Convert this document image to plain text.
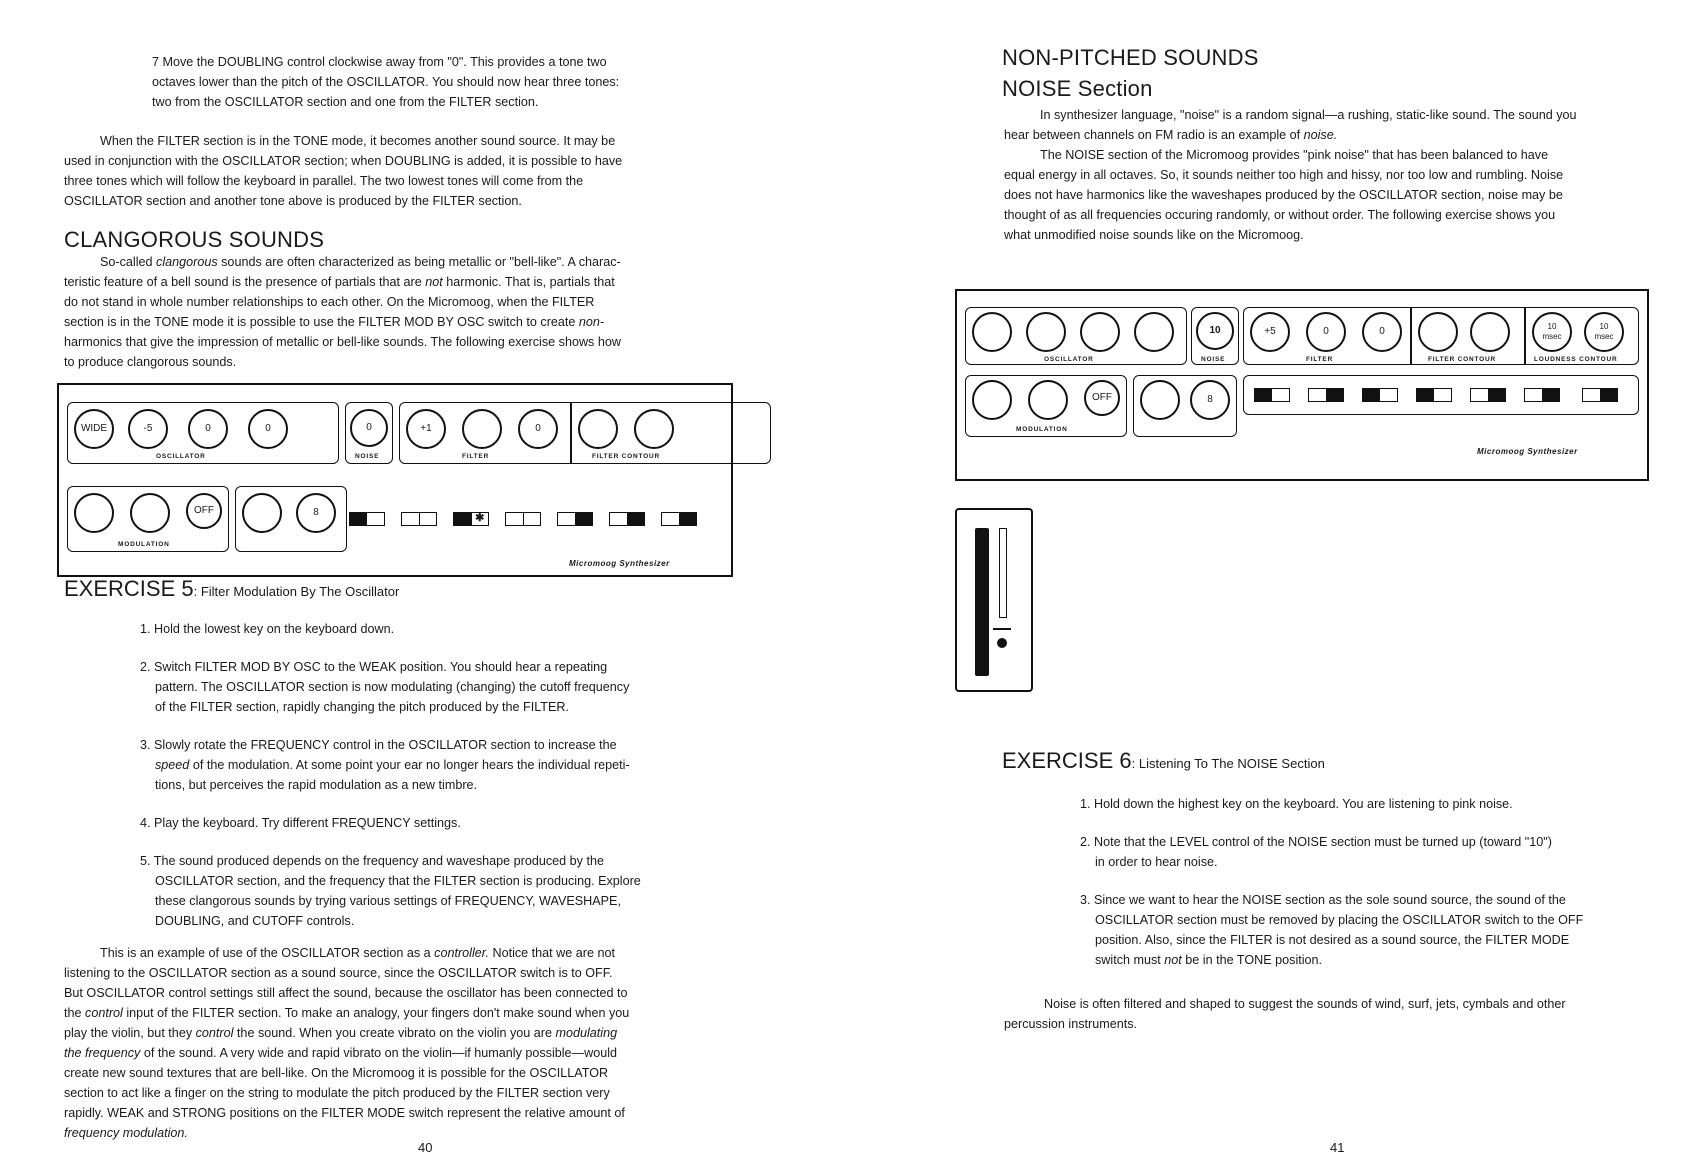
7 Move the DOUBLING control clockwise away from "0". This provides a tone two

octaves lower than the pitch of the OSCILLATOR. You should now hear three tones:

two from the OSCILLATOR section and one from the FILTER section.

When the FILTER section is in the TONE mode, it becomes another sound source. It may be

used in conjunction with the OSCILLATOR section; when DOUBLING is added, it is possible to have

three tones which will follow the keyboard in parallel. The two lowest tones will come from the

OSCILLATOR section and another tone above is produced by the FILTER section.

CLANGOROUS SOUNDS

So-called clangorous sounds are often characterized as being metallic or "bell-like". A charac-

teristic feature of a bell sound is the presence of partials that are not harmonic. That is, partials that

do not stand in whole number relationships to each other. On the Micromoog, when the FILTER

section is in the TONE mode it is possible to use the FILTER MOD BY OSC switch to create non-

harmonics that give the impression of metallic or bell-like sounds. The following exercise shows how

to produce clangorous sounds.

WIDE	-5	0	0
OSCILLATOR
0
NOISE
+1	0
FILTER	FILTER CONTOUR
OFF
MODULATION
8	✱
Micromoog Synthesizer
EXERCISE 5: Filter Modulation By The Oscillator

1. Hold the lowest key on the keyboard down.

2. Switch FILTER MOD BY OSC to the WEAK position. You should hear a repeating

pattern. The OSCILLATOR section is now modulating (changing) the cutoff frequency

of the FILTER section, rapidly changing the pitch produced by the FILTER.

3. Slowly rotate the FREQUENCY control in the OSCILLATOR section to increase the

speed of the modulation. At some point your ear no longer hears the individual repeti-

tions, but perceives the rapid modulation as a new timbre.

4. Play the keyboard. Try different FREQUENCY settings.

5. The sound produced depends on the frequency and waveshape produced by the

OSCILLATOR section, and the frequency that the FILTER section is producing. Explore

these clangorous sounds by trying various settings of FREQUENCY, WAVESHAPE,

DOUBLING, and CUTOFF controls.

This is an example of use of the OSCILLATOR section as a controller. Notice that we are not

listening to the OSCILLATOR section as a sound source, since the OSCILLATOR switch is to OFF.

But OSCILLATOR control settings still affect the sound, because the oscillator has been connected to

the control input of the FILTER section. To make an analogy, your fingers don't make sound when you

play the violin, but they control the sound. When you create vibrato on the violin you are modulating

the frequency of the sound. A very wide and rapid vibrato on the violin—if humanly possible—would

create new sound textures that are bell-like. On the Micromoog it is possible for the OSCILLATOR

section to act like a finger on the string to modulate the pitch produced by the FILTER section very

rapidly. WEAK and STRONG positions on the FILTER MODE switch represent the relative amount of

frequency modulation.

40
NON-PITCHED SOUNDS
NOISE Section

In synthesizer language, "noise" is a random signal—a rushing, static-like sound. The sound you

hear between channels on FM radio is an example of noise.

The NOISE section of the Micromoog provides "pink noise" that has been balanced to have

equal energy in all octaves. So, it sounds neither too high and hissy, nor too low and rumbling. Noise

does not have harmonics like the waveshapes produced by the OSCILLATOR section, noise may be

thought of as all frequencies occuring randomly, or without order. The following exercise shows you

what unmodified noise sounds like on the Micromoog.

OSCILLATOR
10
NOISE
+5	0	0
FILTER	FILTER CONTOUR
10
msec
10
msec
LOUDNESS CONTOUR
OFF
MODULATION
8
Micromoog Synthesizer
EXERCISE 6: Listening To The NOISE Section

1. Hold down the highest key on the keyboard. You are listening to pink noise.

2. Note that the LEVEL control of the NOISE section must be turned up (toward "10")

in order to hear noise.

3. Since we want to hear the NOISE section as the sole sound source, the sound of the

OSCILLATOR section must be removed by placing the OSCILLATOR switch to the OFF

position. Also, since the FILTER is not desired as a sound source, the FILTER MODE

switch must not be in the TONE position.

Noise is often filtered and shaped to suggest the sounds of wind, surf, jets, cymbals and other

percussion instruments.

41
